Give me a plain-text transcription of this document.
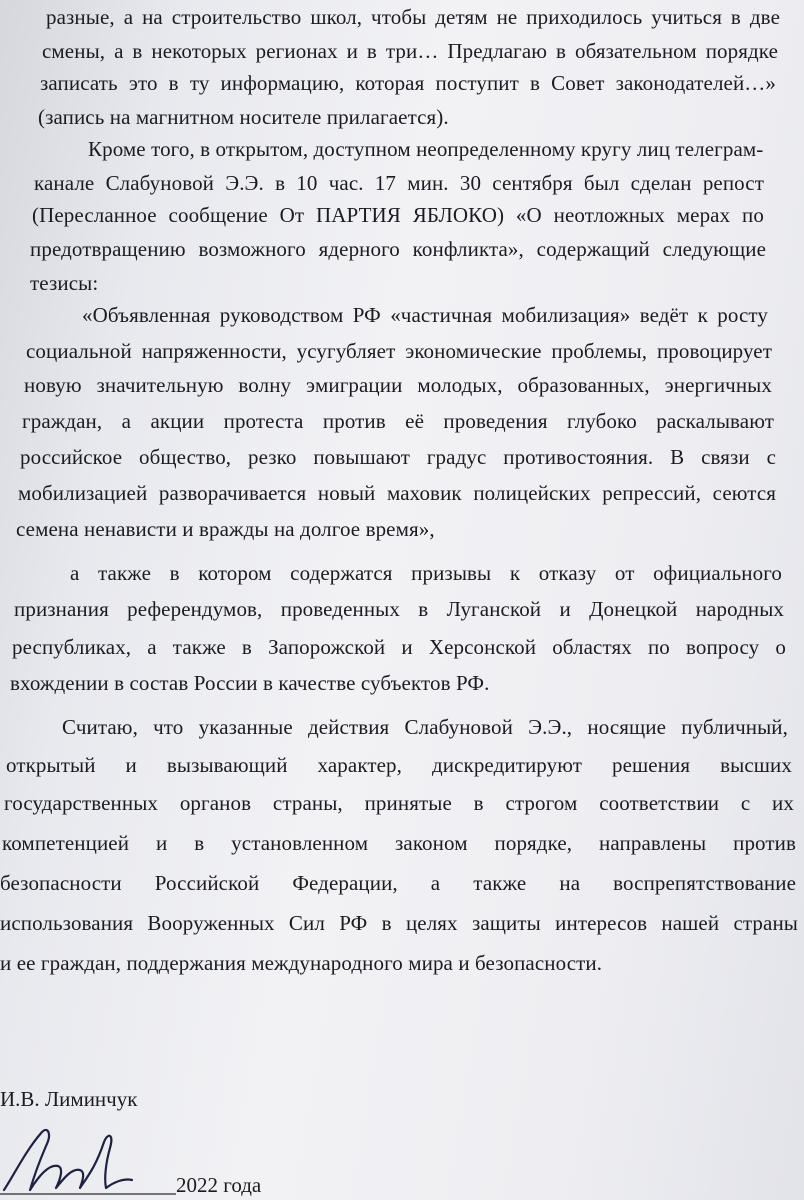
разные, а на строительство школ, чтобы детям не приходилось учиться в две
смены, а в некоторых регионах и в три… Предлагаю в обязательном порядке
записать это в ту информацию, которая поступит в Совет законодателей…»
(запись на магнитном носителе прилагается).
Кроме того, в открытом, доступном неопределенному кругу лиц телеграм-
канале Слабуновой Э.Э. в 10 час. 17 мин. 30 сентября был сделан репост
(Пересланное сообщение От ПАРТИЯ ЯБЛОКО) «О неотложных мерах по
предотвращению возможного ядерного конфликта», содержащий следующие
тезисы:
«Объявленная руководством РФ «частичная мобилизация» ведёт к росту
социальной напряженности, усугубляет экономические проблемы, провоцирует
новую значительную волну эмиграции молодых, образованных, энергичных
граждан, а акции протеста против её проведения глубоко раскалывают
российское общество, резко повышают градус противостояния. В связи с
мобилизацией разворачивается новый маховик полицейских репрессий, сеются
семена ненависти и вражды на долгое время»,
а также в котором содержатся призывы к отказу от официального
признания референдумов, проведенных в Луганской и Донецкой народных
республиках, а также в Запорожской и Херсонской областях по вопросу о
вхождении в состав России в качестве субъектов РФ.
Считаю, что указанные действия Слабуновой Э.Э., носящие публичный,
открытый и вызывающий характер, дискредитируют решения высших
государственных органов страны, принятые в строгом соответствии с их
компетенцией и в установленном законом порядке, направлены против
безопасности Российской Федерации, а также на воспрепятствование
использования Вооруженных Сил РФ в целях защиты интересов нашей страны
и ее граждан, поддержания международного мира и безопасности.
И.В. Лиминчук
2022 года
